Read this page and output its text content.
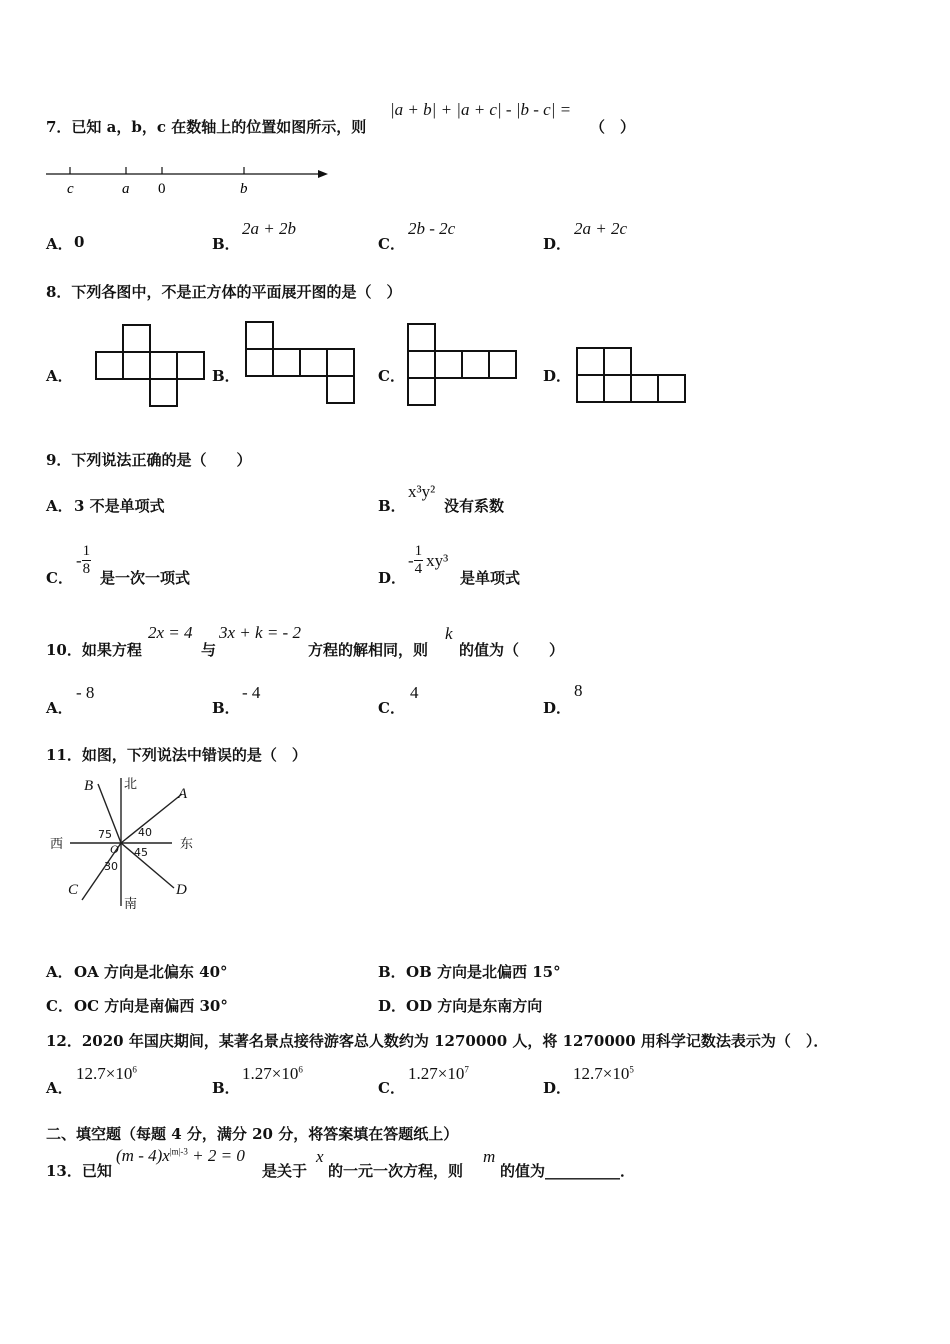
7．已知 a，b，c 在数轴上的位置如图所示，则
|a + b| + |a + c| - |b - c| =
（　）
c	a 0	b
A． 0	B．
2a + 2b
C．
2b - 2c
D．
2a + 2c
8．下列各图中，不是正方体的平面展开图的是（　）
A．	B．	C．	D．
9．下列说法正确的是（　　）
A． 3 不是单项式	B．
x³y²
没有系数
C．
- $\frac{1}{8}$ 是一次一项式	D．
- $\frac{1}{4} xy^3$
是单项式
10．如果方程
2x = 4
与
3x + k = - 2
方程的解相同，则
k
的值为（　　）
A．
- 8
B．
- 4
C．
4
D．
8
11．如图，下列说法中错误的是（　）
北
南
西	东
A
B
C	D
O
75 40
45
30
A． OA 方向是北偏东 40°	B． OB 方向是北偏西 15°
C． OC 方向是南偏西 30°	D． OD 方向是东南方向
12．2020 年国庆期间，某著名景点接待游客总人数约为 1270000 人，将 1270000 用科学记数法表示为（　）．
A．
$12.7\times 10^6$
B．
$1.27\times 10^6$
C．
$1.27\times 10^7$
D．
$12.7\times 10^5$
二、填空题（每题 4 分，满分 20 分，将答案填在答题纸上）
13．已知
$(m - 4)x^{|m|-3} + 2 = 0$
是关于
x
的一元一次方程，则
m
的值为__________．
